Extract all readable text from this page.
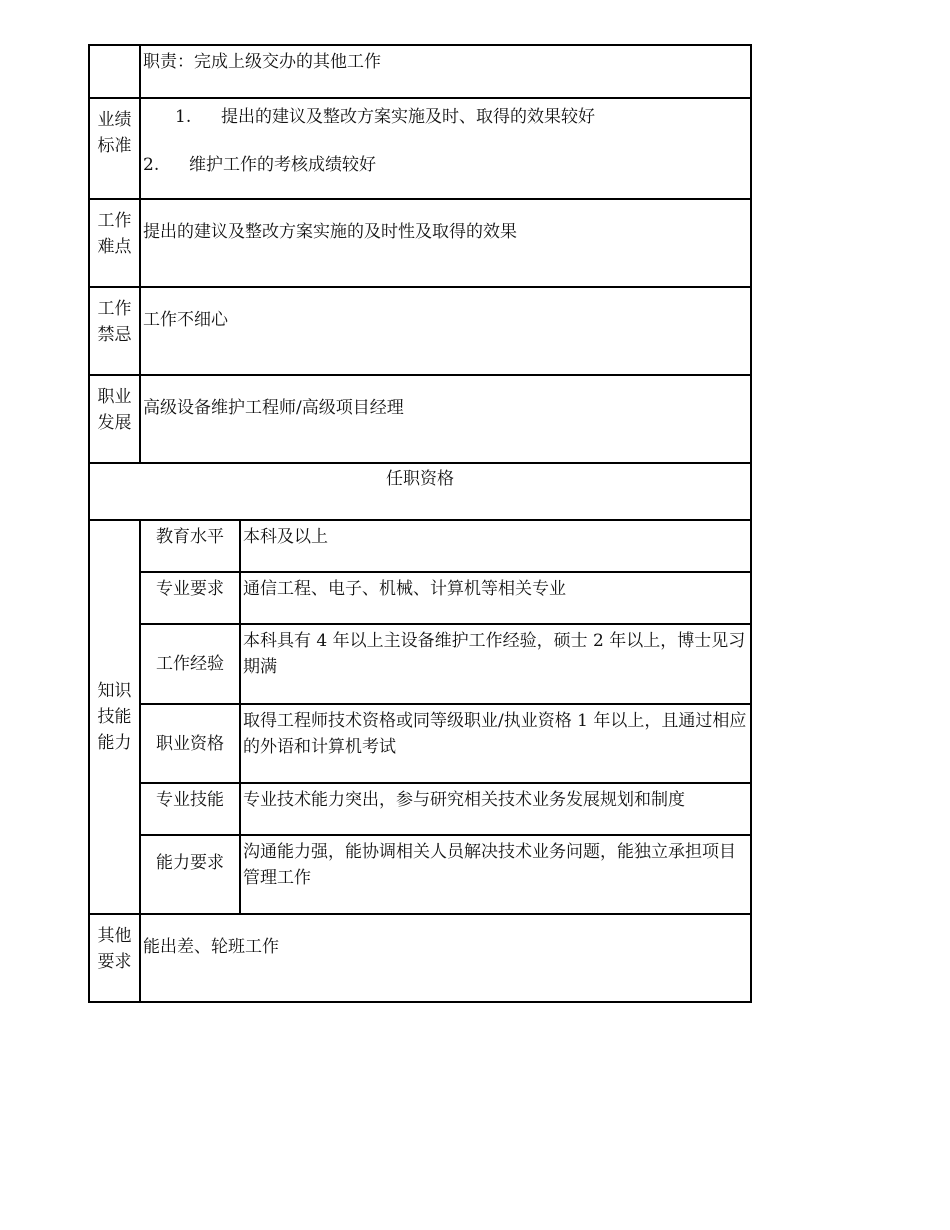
	职责：完成上级交办的其他工作	
业绩标准	1. 提出的建议及整改方案实施及时、取得的效果较好
2. 维护工作的考核成绩较好	

工作难点	提出的建议及整改方案实施的及时性及取得的效果	
工作禁忌	工作不细心	
职业发展	高级设备维护工程师/高级项目经理	
任职资格		
知识技能能力	教育水平	本科及以上
	专业要求	通信工程、电子、机械、计算机等相关专业
	工作经验	本科具有 4 年以上主设备维护工作经验，硕士 2 年以上，博士见习期满
	职业资格	取得工程师技术资格或同等级职业/执业资格 1 年以上，且通过相应的外语和计算机考试
	专业技能	专业技术能力突出，参与研究相关技术业务发展规划和制度
	能力要求	沟通能力强，能协调相关人员解决技术业务问题，能独立承担项目管理工作
其他要求	能出差、轮班工作	
